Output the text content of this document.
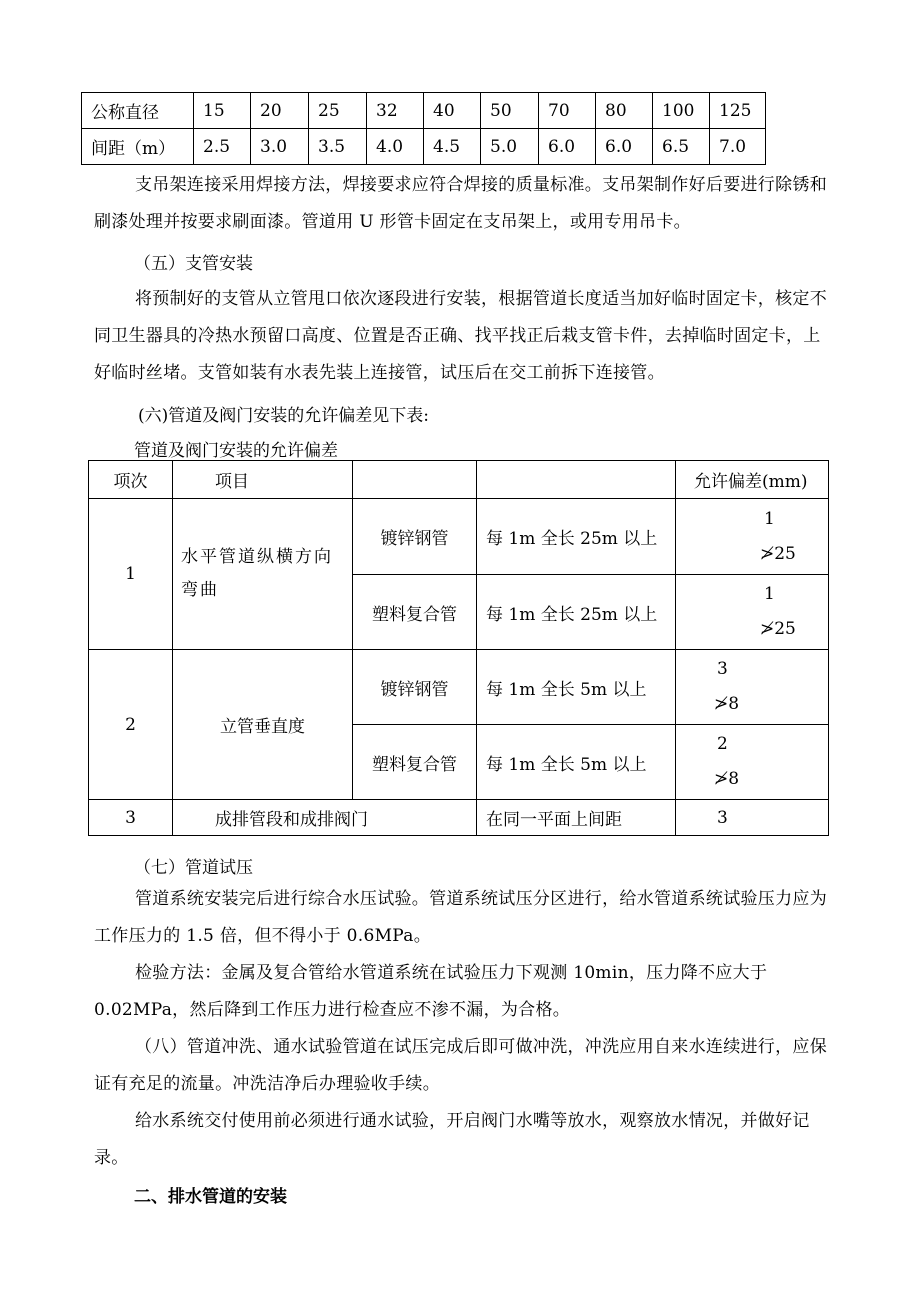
公称直径	15	20	25	32	40	50	70	80	100	125
间距（m）	2.5	3.0	3.5	4.0	4.5	5.0	6.0	6.0	6.5	7.0
支吊架连接采用焊接方法，焊接要求应符合焊接的质量标准。支吊架制作好后要进行除锈和刷漆处理并按要求刷面漆。管道用 U 形管卡固定在支吊架上，或用专用吊卡。
（五）支管安装
将预制好的支管从立管甩口依次逐段进行安装，根据管道长度适当加好临时固定卡，核定不同卫生器具的冷热水预留口高度、位置是否正确、找平找正后栽支管卡件，去掉临时固定卡，上好临时丝堵。支管如装有水表先装上连接管，试压后在交工前拆下连接管。
(六)管道及阀门安装的允许偏差见下表:
管道及阀门安装的允许偏差
项次	项目			允许偏差(mm)
1	水平管道纵横方向弯曲	镀锌钢管	每 1m 全长 25m 以上	1
≯25

		塑料复合管	每 1m 全长 25m 以上	1
≯25

2	立管垂直度	镀锌钢管	每 1m 全长 5m 以上	3
≯8

		塑料复合管	每 1m 全长 5m 以上	2
≯8

3	成排管段和成排阀门		在同一平面上间距	3
（七）管道试压
管道系统安装完后进行综合水压试验。管道系统试压分区进行，给水管道系统试验压力应为工作压力的 1.5 倍，但不得小于 0.6MPa。
检验方法：金属及复合管给水管道系统在试验压力下观测 10min，压力降不应大于 0.02MPa，然后降到工作压力进行检查应不渗不漏，为合格。
（八）管道冲洗、通水试验管道在试压完成后即可做冲洗，冲洗应用自来水连续进行，应保证有充足的流量。冲洗洁净后办理验收手续。
给水系统交付使用前必须进行通水试验，开启阀门水嘴等放水，观察放水情况，并做好记录。
二、排水管道的安装
